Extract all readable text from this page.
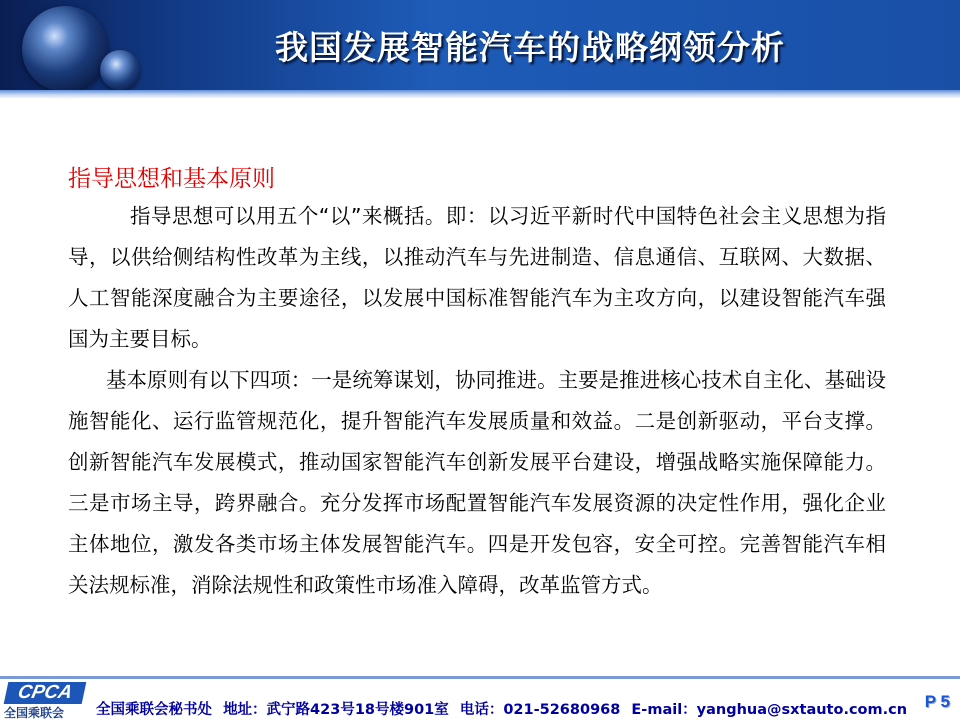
我国发展智能汽车的战略纲领分析
指导思想和基本原则

指导思想可以用五个“以”来概括。即：以习近平新时代中国特色社会主义思想为指导，以供给侧结构性改革为主线，以推动汽车与先进制造、信息通信、互联网、大数据、人工智能深度融合为主要途径，以发展中国标准智能汽车为主攻方向，以建设智能汽车强国为主要目标。

基本原则有以下四项：一是统筹谋划，协同推进。主要是推进核心技术自主化、基础设施智能化、运行监管规范化，提升智能汽车发展质量和效益。二是创新驱动，平台支撑。创新智能汽车发展模式，推动国家智能汽车创新发展平台建设，增强战略实施保障能力。三是市场主导，跨界融合。充分发挥市场配置智能汽车发展资源的决定性作用，强化企业主体地位，激发各类市场主体发展智能汽车。四是开发包容，安全可控。完善智能汽车相关法规标准，消除法规性和政策性市场准入障碍，改革监管方式。

CPCA
全国乘联会	全国乘联会秘书处 地址：武宁路423号18号楼901室 电话：021-52680968 E-mail：yanghua@sxtauto.com.cn	P 5
